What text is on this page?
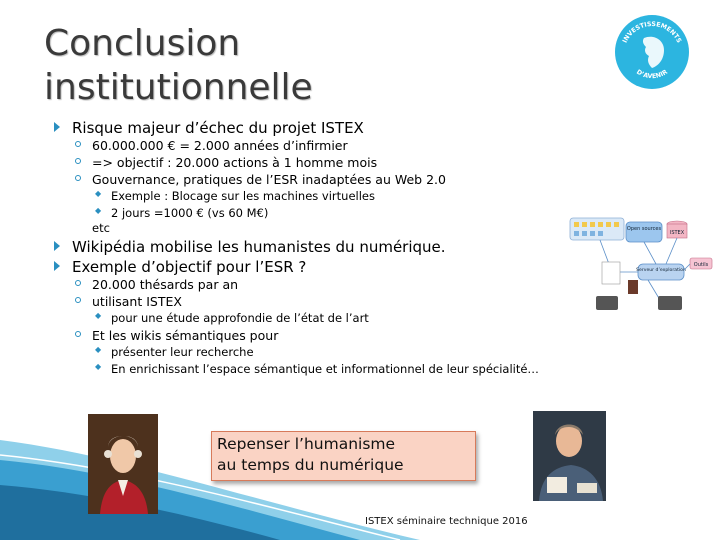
Conclusion
institutionnelle
INVESTISSEMENTS
D’AVENIR
Risque majeur d’échec du projet ISTEX
60.000.000 € = 2.000 années d’infirmier
=> objectif : 20.000 actions à 1 homme mois
Gouvernance, pratiques de l’ESR inadaptées au Web 2.0
◆ Exemple : Blocage sur les machines virtuelles
◆ 2 jours =1000 € (vs 60 M€)
etc
Wikipédia mobilise les humanistes du numérique.
Exemple d’objectif pour l’ESR ?
20.000 thésards par an
utilisant ISTEX
◆ pour une étude approfondie de l’état de l’art
Et les wikis sémantiques pour
◆ présenter leur recherche
◆ En enrichissant l’espace sémantique et informationnel de leur spécialité…
Open sources
ISTEX
Outils
Serveur d’exploration
Repenser l’humanisme
au temps du numérique
ISTEX séminaire technique 2016
